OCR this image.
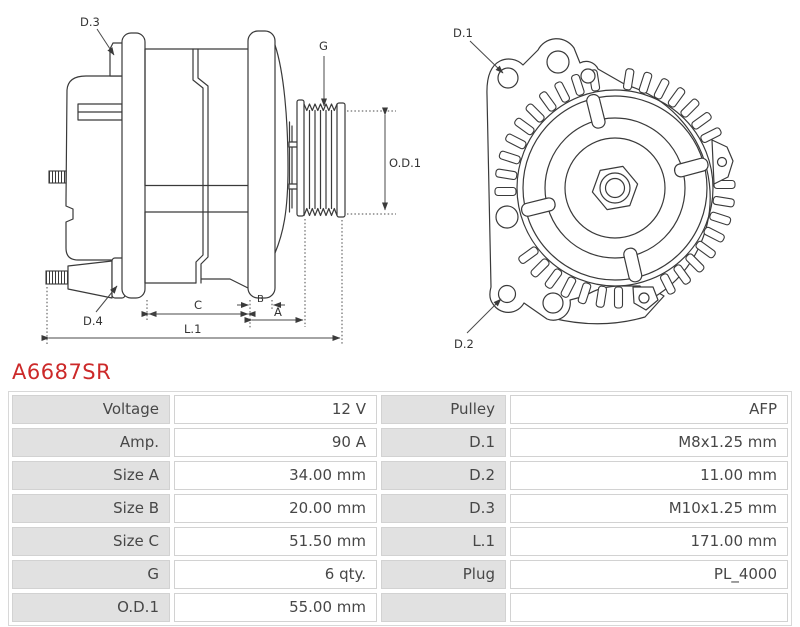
D.3
G
O.D.1
D.4
C	B
A
L.1
D.1
D.2
A6687SR
Voltage	12 V	Pulley	AFP
Amp.	90 A	D.1	M8x1.25 mm
Size A	34.00 mm	D.2	11.00 mm
Size B	20.00 mm	D.3	M10x1.25 mm
Size C	51.50 mm	L.1	171.00 mm
G	6 qty.	Plug	PL_4000
O.D.1	55.00 mm
